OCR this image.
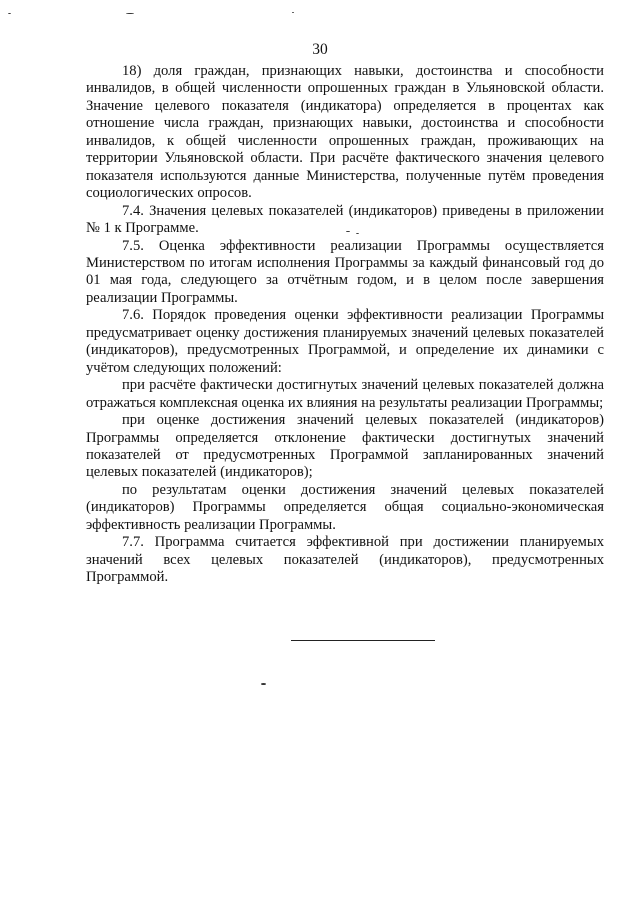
30

18) доля граждан, признающих навыки, достоинства и способности инвалидов, в общей численности опрошенных граждан в Ульяновской области. Значение целевого показателя (индикатора) определяется в процентах как отношение числа граждан, признающих навыки, достоинства и способности инвалидов, к общей численности опрошенных граждан, проживающих на территории Ульяновской области. При расчёте фактического значения целевого показателя используются данные Министерства, полученные путём проведения социологических опросов.

7.4. Значения целевых показателей (индикаторов) приведены в приложении № 1 к Программе.

7.5. Оценка эффективности реализации Программы осуществляется Министерством по итогам исполнения Программы за каждый финансовый год до 01 мая года, следующего за отчётным годом, и в целом после завершения реализации Программы.

7.6. Порядок проведения оценки эффективности реализации Программы предусматривает оценку достижения планируемых значений целевых показателей (индикаторов), предусмотренных Программой, и определение их динамики с учётом следующих положений:

при расчёте фактически достигнутых значений целевых показателей должна отражаться комплексная оценка их влияния на результаты реализации Программы;

при оценке достижения значений целевых показателей (индикаторов) Программы определяется отклонение фактически достигнутых значений показателей от предусмотренных Программой запланированных значений целевых показателей (индикаторов);

по результатам оценки достижения значений целевых показателей (индикаторов) Программы определяется общая социально-экономическая эффективность реализации Программы.

7.7. Программа считается эффективной при достижении планируемых значений всех целевых показателей (индикаторов), предусмотренных Программой.
